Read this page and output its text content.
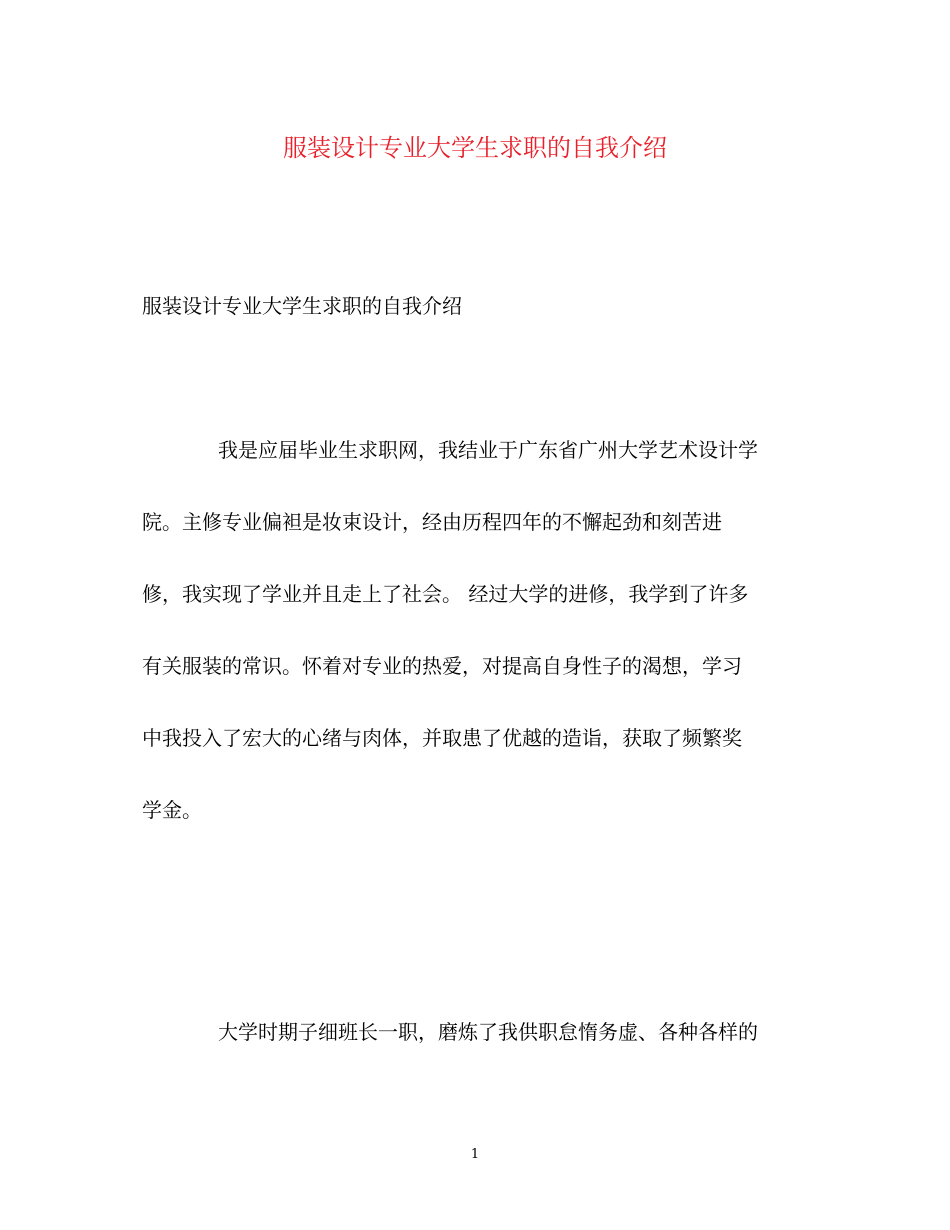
服装设计专业大学生求职的自我介绍
服装设计专业大学生求职的自我介绍
我是应届毕业生求职网，我结业于广东省广州大学艺术设计学
院。主修专业偏袒是妆束设计，经由历程四年的不懈起劲和刻苦进
修，我实现了学业并且走上了社会。 经过大学的进修，我学到了许多
有关服装的常识。怀着对专业的热爱，对提高自身性子的渴想，学习
中我投入了宏大的心绪与肉体，并取患了优越的造诣，获取了频繁奖
学金。
大学时期子细班长一职，磨炼了我供职怠惰务虚、各种各样的
1
